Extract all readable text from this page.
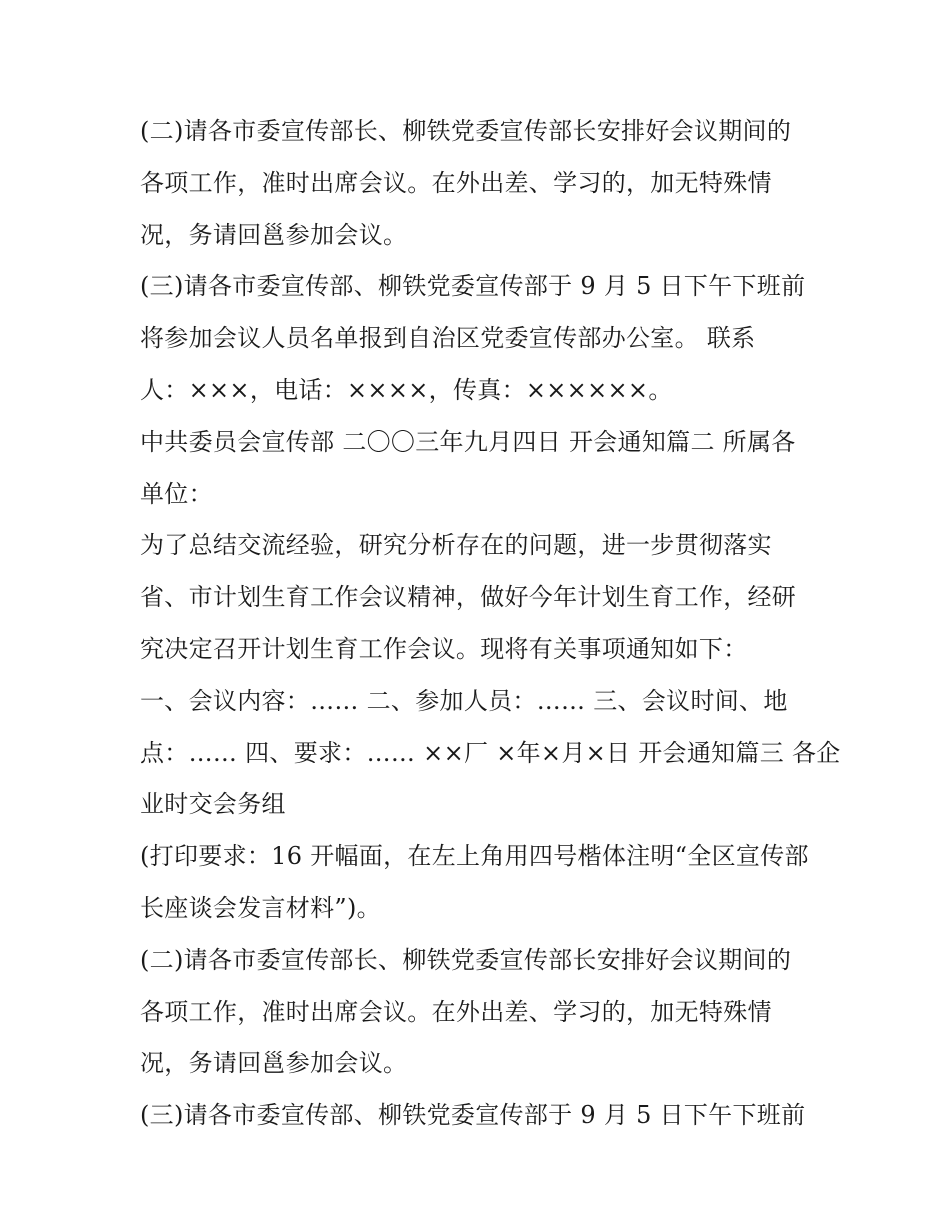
(二)请各市委宣传部长、柳铁党委宣传部长安排好会议期间的
各项工作，准时出席会议。在外出差、学习的，加无特殊情
况，务请回邕参加会议。

(三)请各市委宣传部、柳铁党委宣传部于 9 月 5 日下午下班前
将参加会议人员名单报到自治区党委宣传部办公室。 联系
人：×××，电话：××××，传真：××××××。

中共委员会宣传部 二〇〇三年九月四日 开会通知篇二 所属各
单位：

为了总结交流经验，研究分析存在的问题，进一步贯彻落实
省、市计划生育工作会议精神，做好今年计划生育工作，经研
究决定召开计划生育工作会议。现将有关事项通知如下：

一、会议内容：…… 二、参加人员：…… 三、会议时间、地
点：…… 四、要求：…… ××厂 ×年×月×日 开会通知篇三 各企
业时交会务组

(打印要求：16 开幅面，在左上角用四号楷体注明“全区宣传部
长座谈会发言材料”)。

(二)请各市委宣传部长、柳铁党委宣传部长安排好会议期间的
各项工作，准时出席会议。在外出差、学习的，加无特殊情
况，务请回邕参加会议。

(三)请各市委宣传部、柳铁党委宣传部于 9 月 5 日下午下班前
